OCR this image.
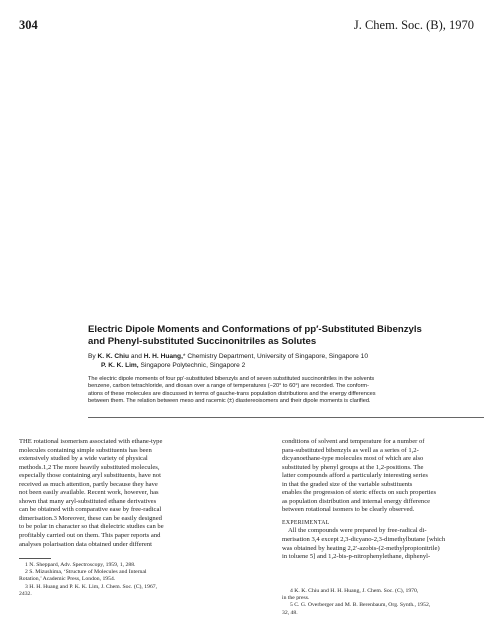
304	J. Chem. Soc. (B), 1970
Electric Dipole Moments and Conformations of pp′-Substituted Bibenzyls
and Phenyl-substituted Succinonitriles as Solutes
By K. K. Chiu and H. H. Huang,* Chemistry Department, University of Singapore, Singapore 10
P. K. K. Lim, Singapore Polytechnic, Singapore 2
The electric dipole moments of four pp′-substituted bibenzyls and of seven substituted succinonitriles in the solvents
benzene, carbon tetrachloride, and dioxan over a range of temperatures (−20° to 60°) are recorded. The conform-
ations of these molecules are discussed in terms of gauche-trans population distributions and the energy differences
between them. The relation between meso and racemic (±) diastereoisomers and their dipole moments is clarified.
THE rotational isomerism associated with ethane-type
molecules containing simple substituents has been
extensively studied by a wide variety of physical
methods.1,2 The more heavily substituted molecules,
especially those containing aryl substituents, have not
received as much attention, partly because they have
not been easily available. Recent work, however, has
shown that many aryl-substituted ethane derivatives
can be obtained with comparative ease by free-radical
dimerisation.3 Moreover, these can be easily designed
to be polar in character so that dielectric studies can be
profitably carried out on them. This paper reports and
analyses polarisation data obtained under different
conditions of solvent and temperature for a number of
para-substituted bibenzyls as well as a series of 1,2-
dicyanoethane-type molecules most of which are also
substituted by phenyl groups at the 1,2-positions. The
latter compounds afford a particularly interesting series
in that the graded size of the variable substituents
enables the progression of steric effects on such properties
as population distribution and internal energy difference
between rotational isomers to be clearly observed.
EXPERIMENTAL
All the compounds were prepared by free-radical di-
merisation 3,4 except 2,3-dicyano-2,3-dimethylbutane [which
was obtained by heating 2,2′-azobis-(2-methylpropionitrile)
in toluene 5] and 1,2-bis-p-nitrophenylethane, diphenyl-
1 N. Sheppard, Adv. Spectroscopy, 1959, 1, 288.
2 S. Mizushima, ‘Structure of Molecules and Internal
Rotation,’ Academic Press, London, 1954.
3 H. H. Huang and P. K. K. Lim, J. Chem. Soc. (C), 1967,
2432.	4 K. K. Chiu and H. H. Huang, J. Chem. Soc. (C), 1970,
in the press.
5 C. G. Overberger and M. B. Berenbaum, Org. Synth., 1952,
32, 48.
